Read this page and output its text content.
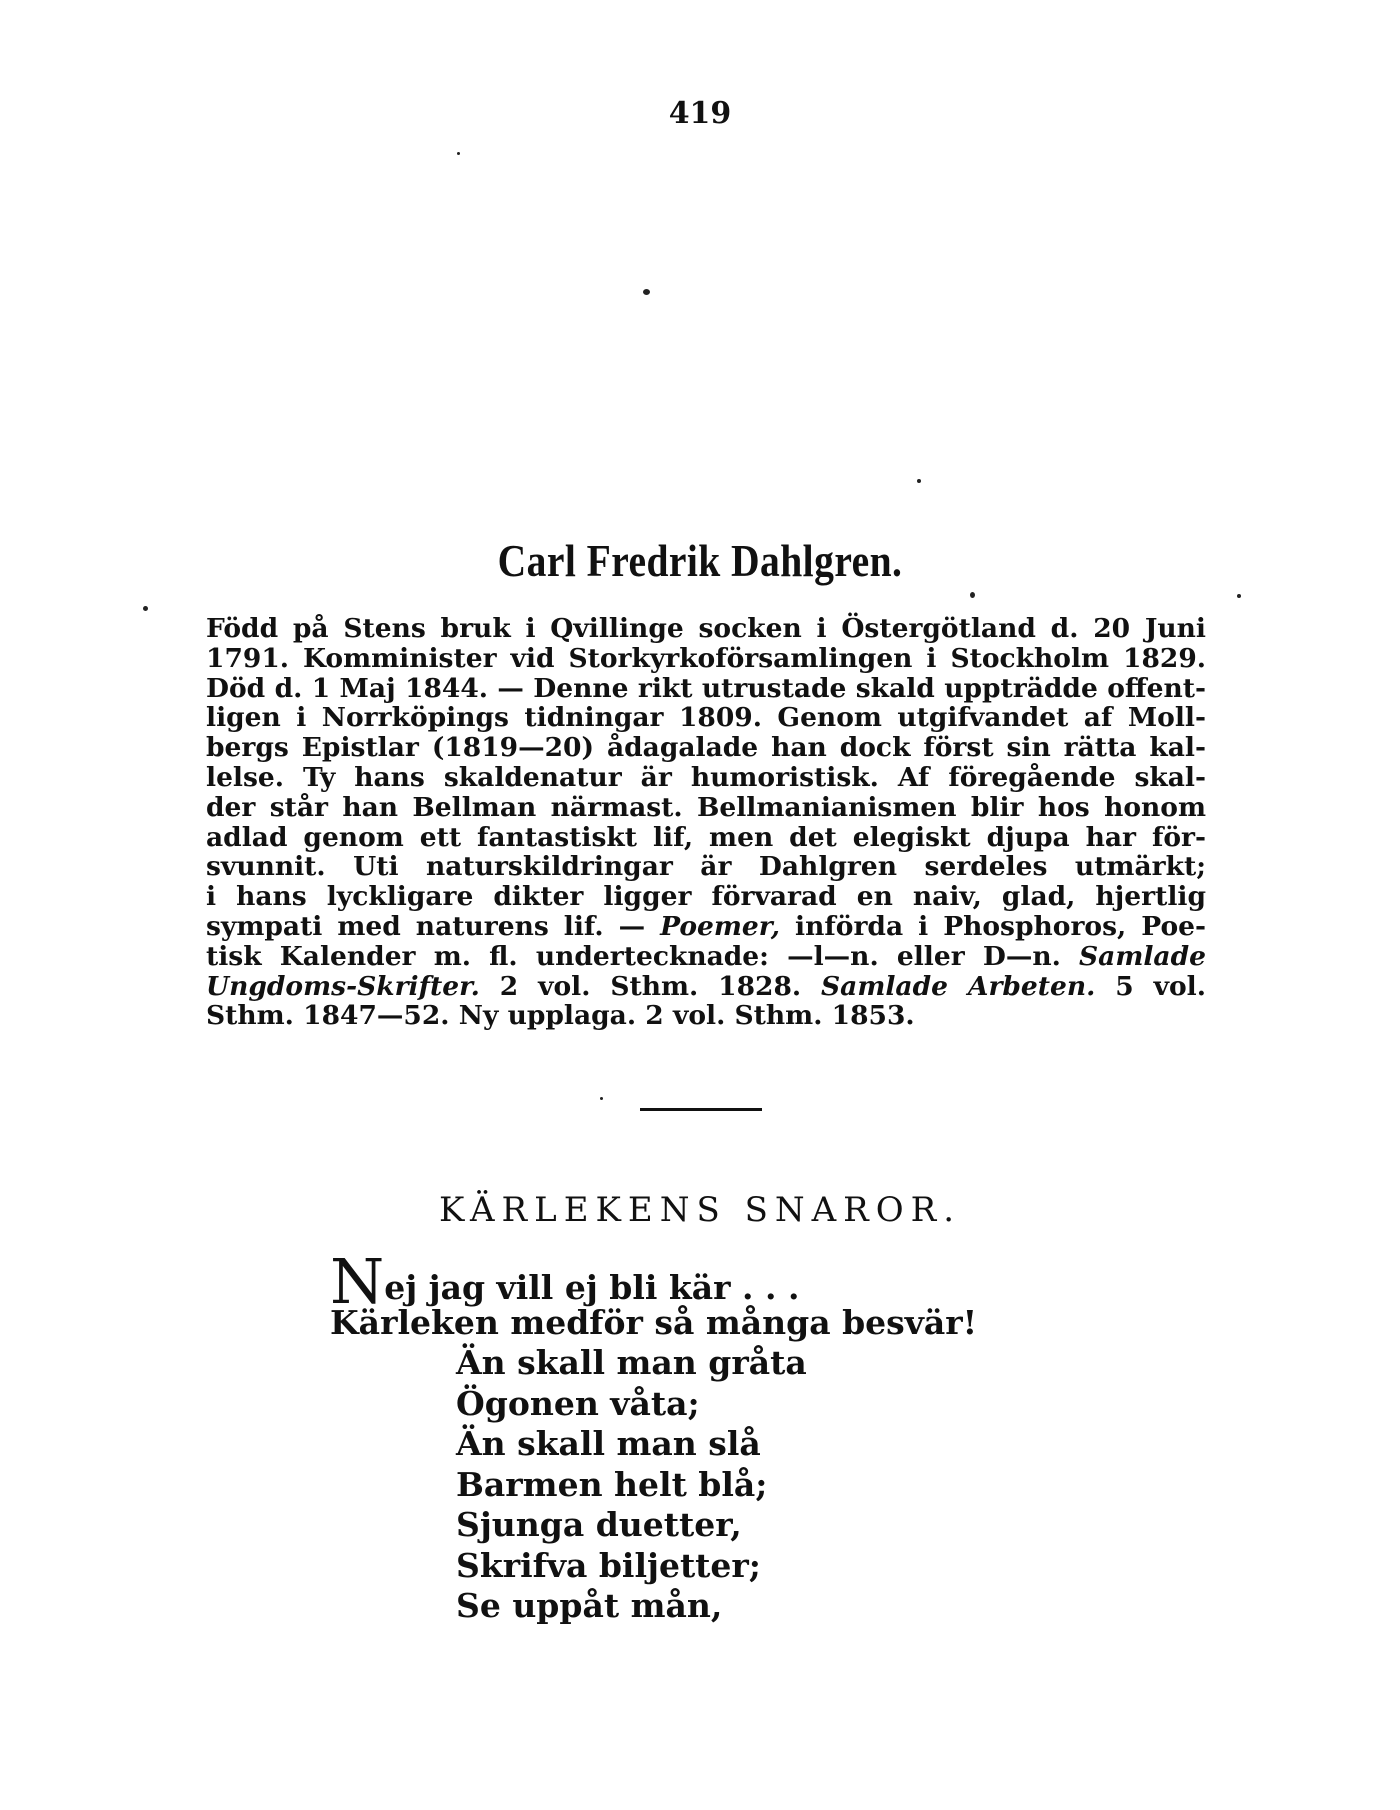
419
Carl Fredrik Dahlgren.
Född på Stens bruk i Qvillinge socken i Östergötland d. 20 Juni
1791. Komminister vid Storkyrkoförsamlingen i Stockholm 1829.
Död d. 1 Maj 1844. — Denne rikt utrustade skald uppträdde offent-
ligen i Norrköpings tidningar 1809. Genom utgifvandet af Moll-
bergs Epistlar (1819—20) ådagalade han dock först sin rätta kal-
lelse. Ty hans skaldenatur är humoristisk. Af föregående skal-
der står han Bellman närmast. Bellmanianismen blir hos honom
adlad genom ett fantastiskt lif, men det elegiskt djupa har för-
svunnit. Uti naturskildringar är Dahlgren serdeles utmärkt;
i hans lyckligare dikter ligger förvarad en naiv, glad, hjertlig
sympati med naturens lif. — Poemer, införda i Phosphoros, Poe-
tisk Kalender m. fl. undertecknade: —l—n. eller D—n. Samlade
Ungdoms-Skrifter. 2 vol. Sthm. 1828. Samlade Arbeten. 5 vol.
Sthm. 1847—52. Ny upplaga. 2 vol. Sthm. 1853.
KÄRLEKENS SNAROR.
Nej jag vill ej bli kär . . .
Kärleken medför så många besvär!
Än skall man gråta
Ögonen våta;
Än skall man slå
Barmen helt blå;
Sjunga duetter,
Skrifva biljetter;
Se uppåt mån,
